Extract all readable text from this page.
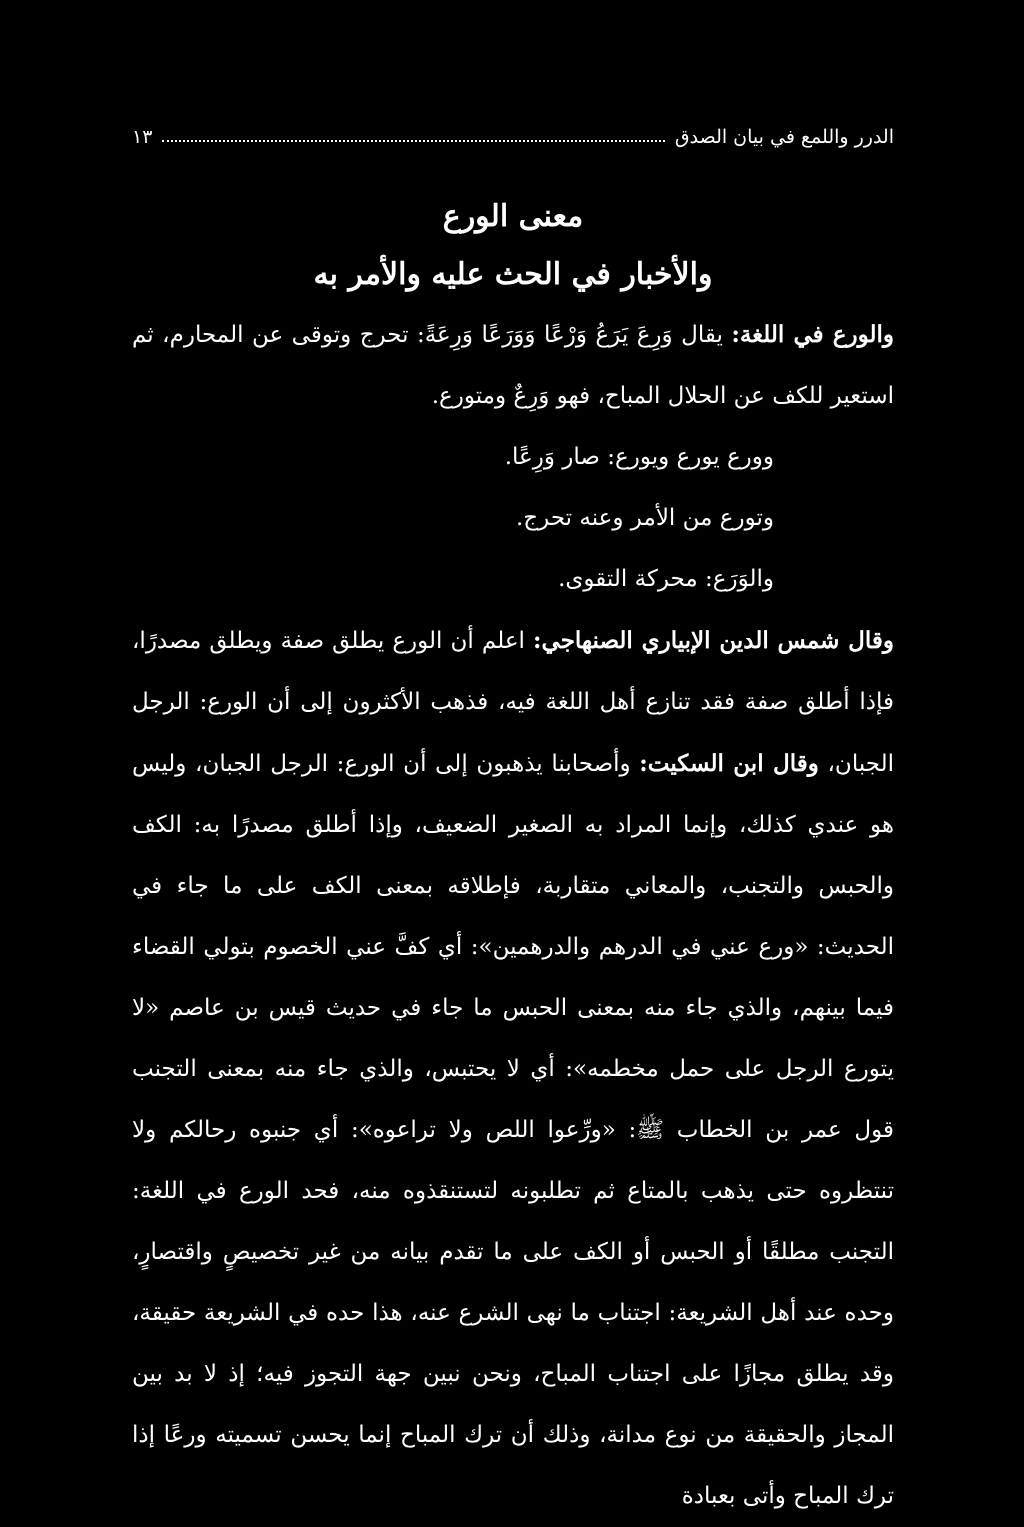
الدرر واللمع في بيان الصدق
١٣
معنى الورع
والأخبار في الحث عليه والأمر به

والورع في اللغة: يقال وَرِعَ يَرَعُ وَرْعًا وَوَرَعًا وَرِعَةً: تحرج وتوقى عن المحارم، ثم استعير للكف عن الحلال المباح، فهو وَرِعٌ ومتورع.

وورع يورع ويورع: صار وَرِعًا.

وتورع من الأمر وعنه تحرج.

والوَرَع: محركة التقوى.

وقال شمس الدين الإبياري الصنهاجي: اعلم أن الورع يطلق صفة ويطلق مصدرًا، فإذا أطلق صفة فقد تنازع أهل اللغة فيه، فذهب الأكثرون إلى أن الورع: الرجل الجبان، وقال ابن السكيت: وأصحابنا يذهبون إلى أن الورع: الرجل الجبان، وليس هو عندي كذلك، وإنما المراد به الصغير الضعيف، وإذا أطلق مصدرًا به: الكف والحبس والتجنب، والمعاني متقاربة، فإطلاقه بمعنى الكف على ما جاء في الحديث: «ورع عني في الدرهم والدرهمين»: أي كفَّ عني الخصوم بتولي القضاء فيما بينهم، والذي جاء منه بمعنى الحبس ما جاء في حديث قيس بن عاصم «لا يتورع الرجل على حمل مخطمه»: أي لا يحتبس، والذي جاء منه بمعنى التجنب قول عمر بن الخطاب ﷺ: «ورِّعوا اللص ولا تراعوه»: أي جنبوه رحالكم ولا تنتظروه حتى يذهب بالمتاع ثم تطلبونه لتستنقذوه منه، فحد الورع في اللغة: التجنب مطلقًا أو الحبس أو الكف على ما تقدم بيانه من غير تخصيصٍ واقتصارٍ، وحده عند أهل الشريعة: اجتناب ما نهى الشرع عنه، هذا حده في الشريعة حقيقة، وقد يطلق مجازًا على اجتناب المباح، ونحن نبين جهة التجوز فيه؛ إذ لا بد بين المجاز والحقيقة من نوع مدانة، وذلك أن ترك المباح إنما يحسن تسميته ورعًا إذا ترك المباح وأتى بعبادة
